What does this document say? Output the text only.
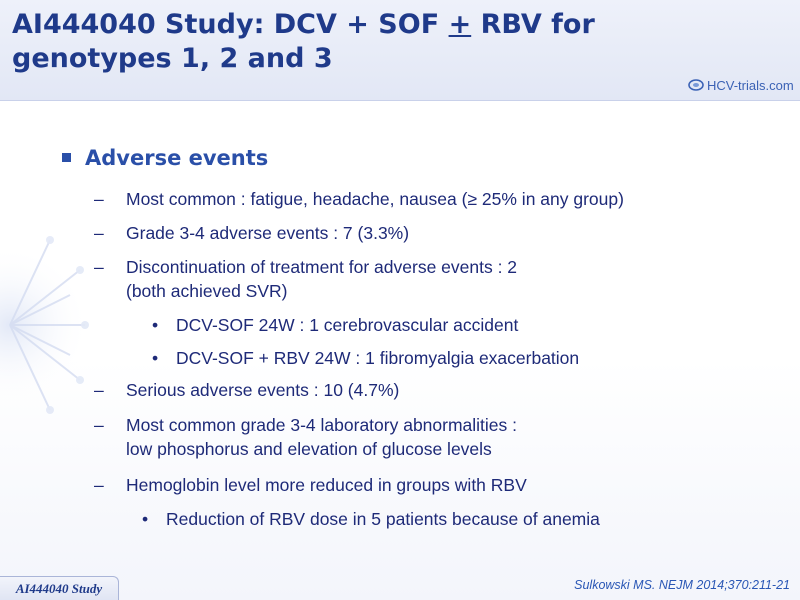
AI444040 Study: DCV + SOF + RBV for
genotypes 1, 2 and 3
HCV-trials .com
Adverse events
– Most common : fatigue, headache, nausea (≥ 25% in any group)
– Grade 3-4 adverse events : 7 (3.3%)
– Discontinuation of treatment for adverse events : 2
(both achieved SVR)
• DCV-SOF 24W : 1 cerebrovascular accident
• DCV-SOF + RBV 24W : 1 fibromyalgia exacerbation
– Serious adverse events : 10 (4.7%)
– Most common grade 3-4 laboratory abnormalities :
low phosphorus and elevation of glucose levels
– Hemoglobin level more reduced in groups with RBV
• Reduction of RBV dose in 5 patients because of anemia
AI444040 Study	Sulkowski MS. NEJM 2014;370:211-21
